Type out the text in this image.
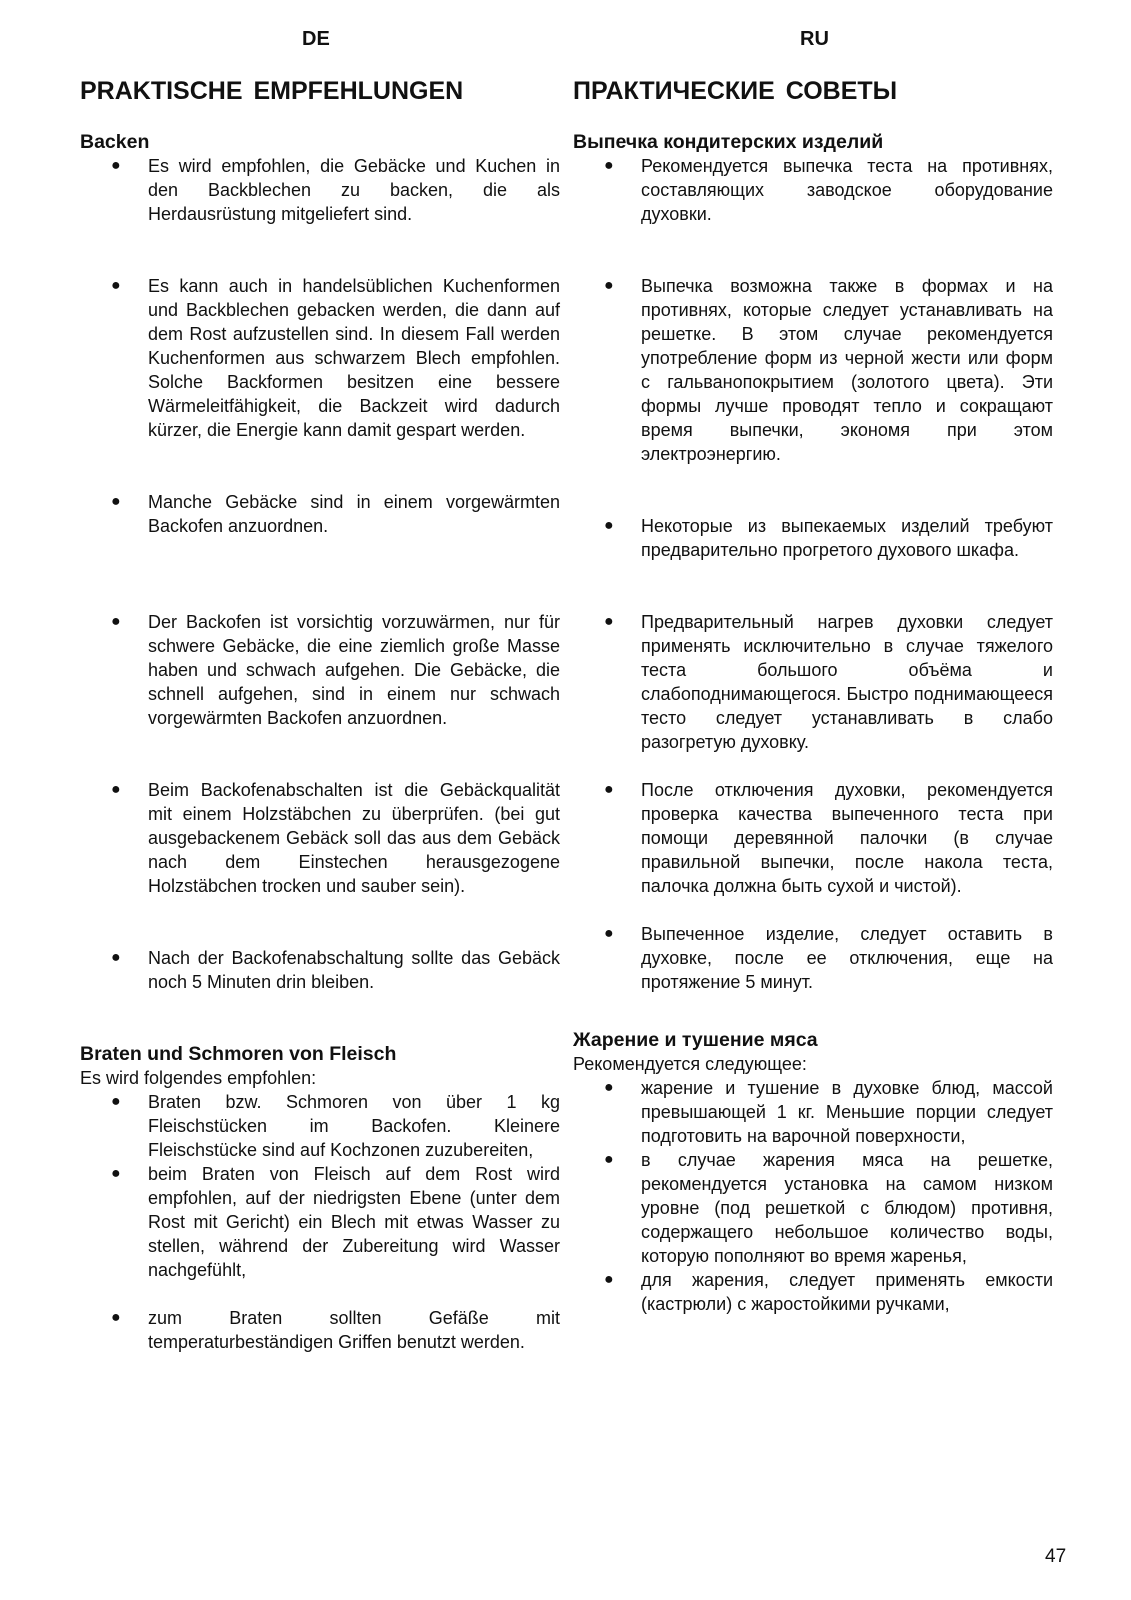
DE	RU
PRAKTISCHE EMPFEHLUNGEN
Backen
● Es wird empfohlen, die Gebäcke und Kuchen in den Backblechen zu backen, die als Herdausrüstung mitgeliefert sind.
● Es kann auch in handelsüblichen Kuchenformen und Backblechen gebacken werden, die dann auf dem Rost aufzustellen sind. In diesem Fall werden Kuchenformen aus schwarzem Blech empfohlen. Solche Backformen besitzen eine bessere Wärmeleitfähigkeit, die Backzeit wird dadurch kürzer, die Energie kann damit gespart werden.
● Manche Gebäcke sind in einem vorgewärmten Backofen anzuordnen.
● Der Backofen ist vorsichtig vorzuwärmen, nur für schwere Gebäcke, die eine ziemlich große Masse haben und schwach aufgehen. Die Gebäcke, die schnell aufgehen, sind in einem nur schwach vorgewärmten Backofen anzuordnen.
● Beim Backofenabschalten ist die Gebäckqualität mit einem Holzstäbchen zu überprüfen. (bei gut ausgebackenem Gebäck soll das aus dem Gebäck nach dem Einstechen herausgezogene Holzstäbchen trocken und sauber sein).
● Nach der Backofenabschaltung sollte das Gebäck noch 5 Minuten drin bleiben.
Braten und Schmoren von Fleisch
Es wird folgendes empfohlen:
● Braten bzw. Schmoren von über 1 kg Fleischstücken im Backofen. Kleinere Fleischstücke sind auf Kochzonen zuzubereiten,
● beim Braten von Fleisch auf dem Rost wird empfohlen, auf der niedrigsten Ebene (unter dem Rost mit Gericht) ein Blech mit etwas Wasser zu stellen, während der Zubereitung wird Wasser nachgefühlt,
● zum Braten sollten Gefäße mit temperaturbeständigen Griffen benutzt werden.
ПРАКТИЧЕСКИЕ СОВЕТЫ
Выпечка кондитерских изделий
● Рекомендуется выпечка теста на противнях, составляющих заводское оборудование духовки.
● Выпечка возможна также в формах и на противнях, которые следует устанавливать на решетке. В этом случае рекомендуется употребление форм из черной жести или форм с гальванопокрытием (золотого цвета). Эти формы лучше проводят тепло и сокращают время выпечки, экономя при этом электроэнергию.
● Некоторые из выпекаемых изделий требуют предварительно прогретого духового шкафа.
● Предварительный нагрев духовки следует применять исключительно в случае тяжелого теста большого объёма и слабоподнимающегося. Быстро поднимающееся тесто следует устанавливать в слабо разогретую духовку.
● После отключения духовки, рекомендуется проверка качества выпеченного теста при помощи деревянной палочки (в случае правильной выпечки, после накола теста, палочка должна быть сухой и чистой).
● Выпеченное изделие, следует оставить в духовке, после ее отключения, еще на протяжение 5 минут.
Жарение и тушение мяса
Рекомендуется следующее:
● жарение и тушение в духовке блюд, массой превышающей 1 кг. Меньшие порции следует подготовить на варочной поверхности,
● в случае жарения мяса на решетке, рекомендуется установка на самом низком уровне (под решеткой с блюдом) противня, содержащего небольшое количество воды, которую пополняют во время жаренья,
● для жарения, следует применять емкости (кастрюли) с жаростойкими ручками,
47
